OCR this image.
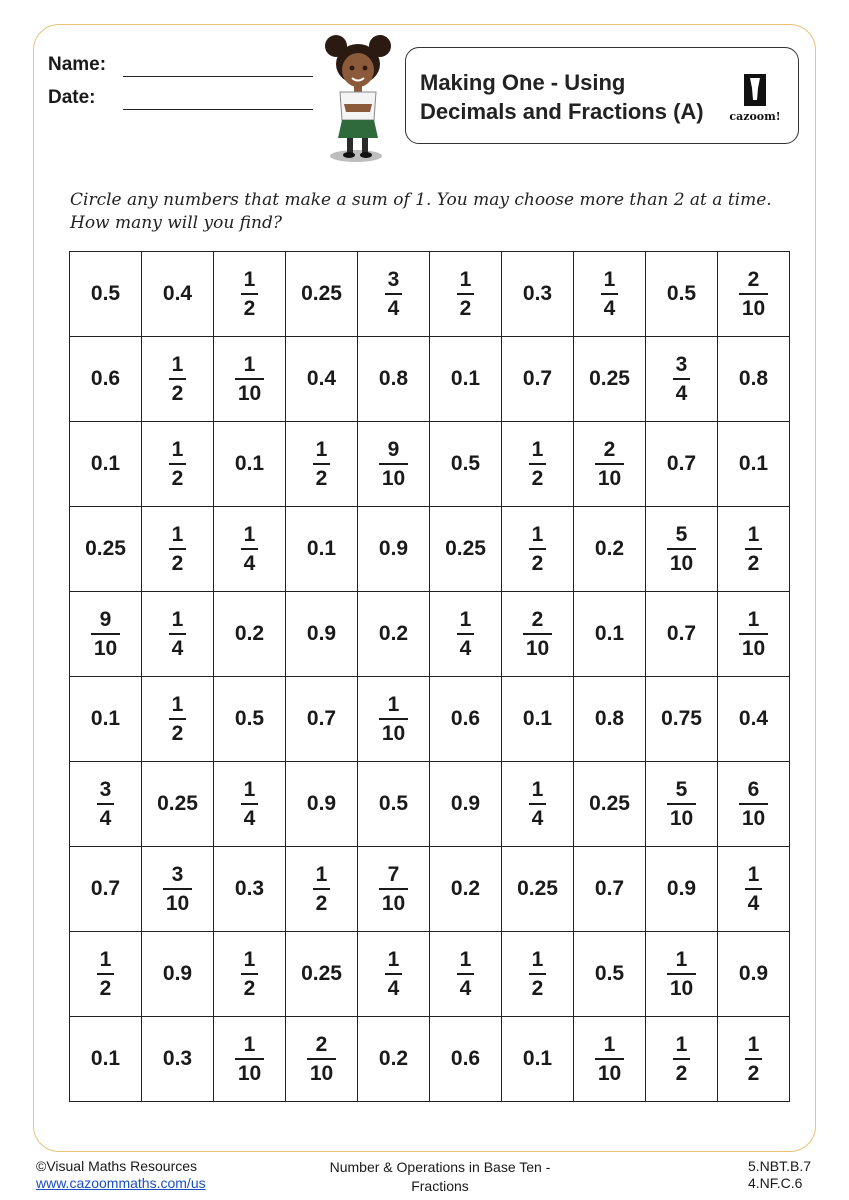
Name:
Date:
Making One - Using
Decimals and Fractions (A)	cazoom!
Circle any numbers that make a sum of 1. You may choose more than 2 at a time.
How many will you find?
0.5	0.4	$\frac{1}{2}$	0.25	$\frac{3}{4}$	$\frac{1}{2}$	0.3	$\frac{1}{4}$	0.5	$\frac{2}{10}$

0.6	$\frac{1}{2}$	$\frac{1}{10}$	0.4	0.8	0.1	0.7	0.25	$\frac{3}{4}$	0.8
0.1	$\frac{1}{2}$	0.1	$\frac{1}{2}$	$\frac{9}{10}$	0.5	$\frac{1}{2}$	$\frac{2}{10}$	0.7	0.1
0.25	$\frac{1}{2}$	$\frac{1}{4}$	0.1	0.9	0.25	$\frac{1}{2}$	0.2	$\frac{5}{10}$	$\frac{1}{2}$

$\frac{9}{10}$	$\frac{1}{4}$	0.2	0.9	0.2	$\frac{1}{4}$	$\frac{2}{10}$	0.1	0.7	$\frac{1}{10}$

0.1	$\frac{1}{2}$	0.5	0.7	$\frac{1}{10}$	0.6	0.1	0.8	0.75	0.4

$\frac{3}{4}$	0.25	$\frac{1}{4}$	0.9	0.5	0.9	$\frac{1}{4}$	0.25	$\frac{5}{10}$	$\frac{6}{10}$

0.7	$\frac{3}{10}$	0.3	$\frac{1}{2}$	$\frac{7}{10}$	0.2	0.25	0.7	0.9	$\frac{1}{4}$

$\frac{1}{2}$	0.9	$\frac{1}{2}$	0.25	$\frac{1}{4}$	$\frac{1}{4}$	$\frac{1}{2}$	0.5	$\frac{1}{10}$	0.9
0.1	0.3	$\frac{1}{10}$	$\frac{2}{10}$	0.2	0.6	0.1	$\frac{1}{10}$	$\frac{1}{2}$	$\frac{1}{2}$
©Visual Maths Resources
www.cazoommaths.com/us
Number & Operations in Base Ten -
Fractions
5.NBT.B.7
4.NF.C.6
